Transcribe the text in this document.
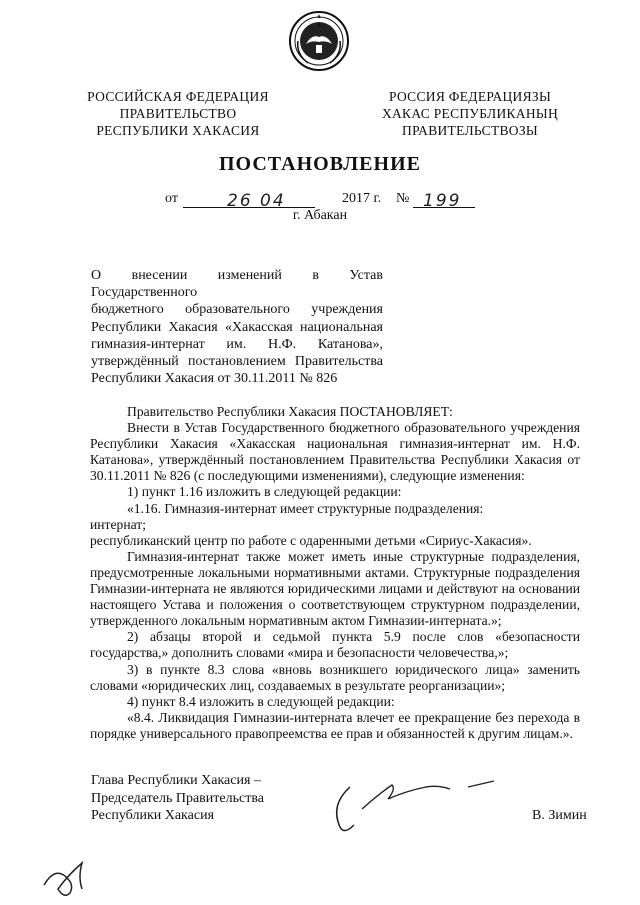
РОССИЙСКАЯ ФЕДЕРАЦИЯ
ПРАВИТЕЛЬСТВО
РЕСПУБЛИКИ ХАКАСИЯ
РОССИЯ ФЕДЕРАЦИЯЗЫ
ХАКАС РЕСПУБЛИКАНЫҢ
ПРАВИТЕЛЬСТВОЗЫ
ПОСТАНОВЛЕНИЕ
от	26 04	2017 г. № 199
г. Абакан

О внесении изменений в Устав Государственного

бюджетного образовательного учреждения

Республики Хакасия «Хакасская национальная

гимназия-интернат им. Н.Ф. Катанова»,

утверждённый постановлением Правительства

Республики Хакасия от 30.11.2011 № 826

Правительство Республики Хакасия ПОСТАНОВЛЯЕТ:

Внести в Устав Государственного бюджетного образовательного учреждения Республики Хакасия «Хакасская национальная гимназия-интернат им. Н.Ф. Катанова», утверждённый постановлением Правительства Республики Хакасия от 30.11.2011 № 826 (с последующими изменениями), следующие изменения:

1) пункт 1.16 изложить в следующей редакции:

«1.16. Гимназия-интернат имеет структурные подразделения:

интернат;

республиканский центр по работе с одаренными детьми «Сириус-Хакасия».

Гимназия-интернат также может иметь иные структурные подразделения, предусмотренные локальными нормативными актами. Структурные подразделения Гимназии-интерната не являются юридическими лицами и действуют на основании настоящего Устава и положения о соответствующем структурном подразделении, утвержденного локальным нормативным актом Гимназии-интерната.»;

2) абзацы второй и седьмой пункта 5.9 после слов «безопасности государства,» дополнить словами «мира и безопасности человечества,»;

3) в пункте 8.3 слова «вновь возникшего юридического лица» заменить словами «юридических лиц, создаваемых в результате реорганизации»;

4) пункт 8.4 изложить в следующей редакции:

«8.4. Ликвидация Гимназии-интерната влечет ее прекращение без перехода в порядке универсального правопреемства ее прав и обязанностей к другим лицам.».

Глава Республики Хакасия –
Председатель Правительства
Республики Хакасия	В. Зимин
